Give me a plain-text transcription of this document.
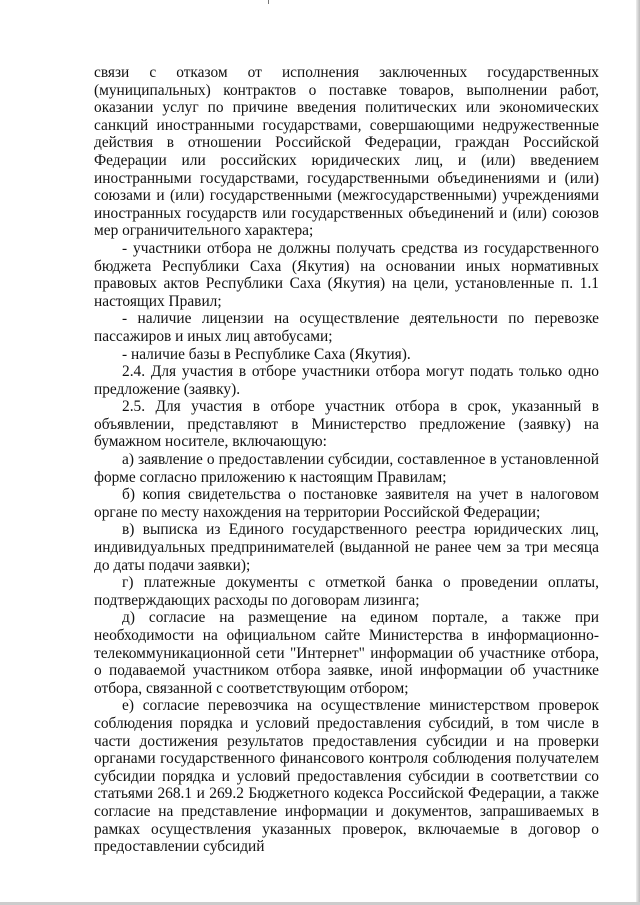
связи с отказом от исполнения заключенных государственных (муниципальных) контрактов о поставке товаров, выполнении работ, оказании услуг по причине введения политических или экономических санкций иностранными государствами, совершающими недружественные действия в отношении Российской Федерации, граждан Российской Федерации или российских юридических лиц, и (или) введением иностранными государствами, государственными объединениями и (или) союзами и (или) государственными (межгосударственными) учреждениями иностранных государств или государственных объединений и (или) союзов мер ограничительного характера;

- участники отбора не должны получать средства из государственного бюджета Республики Саха (Якутия) на основании иных нормативных правовых актов Республики Саха (Якутия) на цели, установленные п. 1.1 настоящих Правил;

- наличие лицензии на осуществление деятельности по перевозке пассажиров и иных лиц автобусами;

- наличие базы в Республике Саха (Якутия).

2.4. Для участия в отборе участники отбора могут подать только одно предложение (заявку).

2.5. Для участия в отборе участник отбора в срок, указанный в объявлении, представляют в Министерство предложение (заявку) на бумажном носителе, включающую:

а) заявление о предоставлении субсидии, составленное в установленной форме согласно приложению к настоящим Правилам;

б) копия свидетельства о постановке заявителя на учет в налоговом органе по месту нахождения на территории Российской Федерации;

в) выписка из Единого государственного реестра юридических лиц, индивидуальных предпринимателей (выданной не ранее чем за три месяца до даты подачи заявки);

г) платежные документы с отметкой банка о проведении оплаты, подтверждающих расходы по договорам лизинга;

д) согласие на размещение на едином портале, а также при необходимости на официальном сайте Министерства в информационно-телекоммуникационной сети "Интернет" информации об участнике отбора, о подаваемой участником отбора заявке, иной информации об участнике отбора, связанной с соответствующим отбором;

е) согласие перевозчика на осуществление министерством проверок соблюдения порядка и условий предоставления субсидий, в том числе в части достижения результатов предоставления субсидии и на проверки органами государственного финансового контроля соблюдения получателем субсидии порядка и условий предоставления субсидии в соответствии со статьями 268.1 и 269.2 Бюджетного кодекса Российской Федерации, а также согласие на представление информации и документов, запрашиваемых в рамках осуществления указанных проверок, включаемые в договор о предоставлении субсидий
